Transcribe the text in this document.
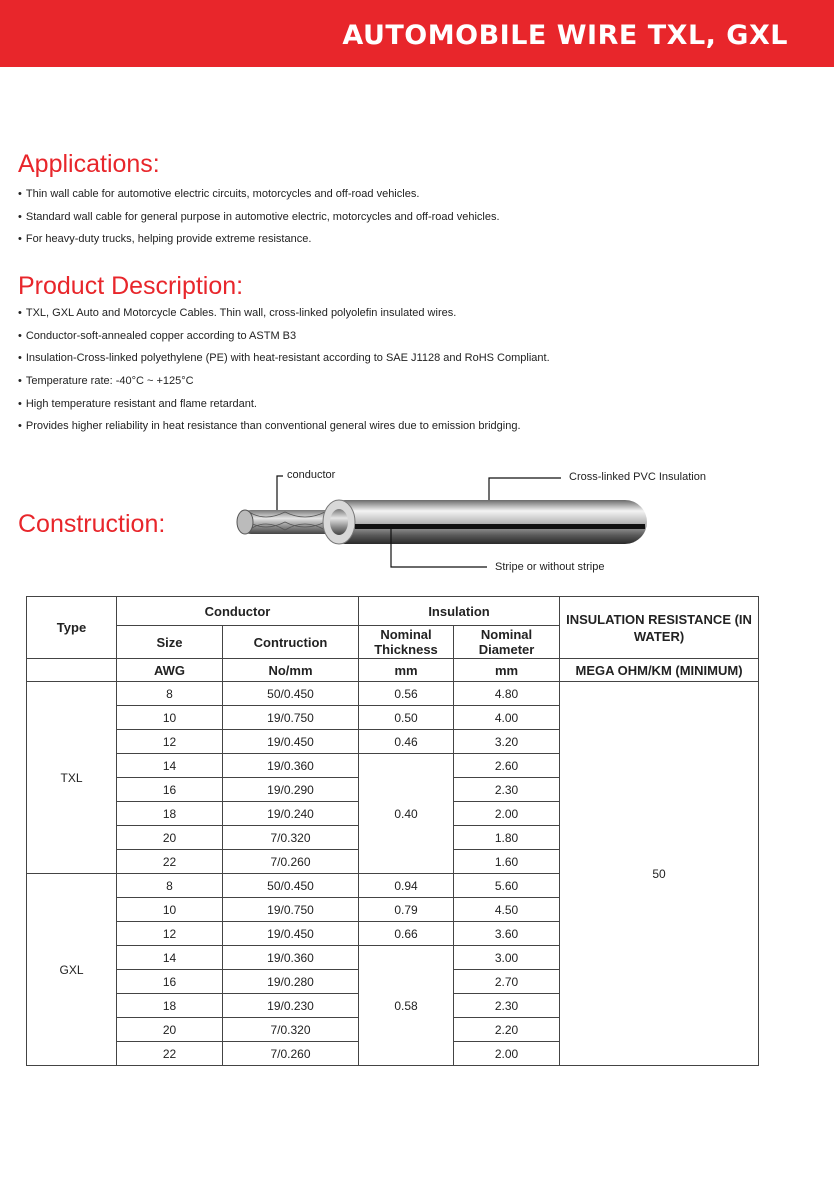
AUTOMOBILE WIRE TXL, GXL
Applications:
• Thin wall cable for automotive electric circuits, motorcycles and off-road vehicles.
• Standard wall cable for general purpose in automotive electric, motorcycles and off-road vehicles.
• For heavy-duty trucks, helping provide extreme resistance.
Product Description:
• TXL, GXL Auto and Motorcycle Cables. Thin wall, cross-linked polyolefin insulated wires.
• Conductor-soft-annealed copper according to ASTM B3
• Insulation-Cross-linked polyethylene (PE) with heat-resistant according to SAE J1128 and RoHS Compliant.
• Temperature rate: -40°C ~ +125°C
• High temperature resistant and flame retardant.
• Provides higher reliability in heat resistance than conventional general wires due to emission bridging.
Construction:
conductor	Cross-linked PVC Insulation
Stripe or without stripe
Type	Conductor		Insulation		INSULATION RESISTANCE (IN WATER)
	Size	Contruction	Nominal Thickness	Nominal Diameter	
	AWG	No/mm	mm	mm	MEGA OHM/KM (MINIMUM)
TXL	8	50/0.450	0.56	4.80	50
	10	19/0.750	0.50	4.00	
	12	19/0.450	0.46	3.20	
	14	19/0.360	0.40	2.60	
	16	19/0.290		2.30	
	18	19/0.240		2.00	
	20	7/0.320		1.80	
	22	7/0.260		1.60	
GXL	8	50/0.450	0.94	5.60	
	10	19/0.750	0.79	4.50	
	12	19/0.450	0.66	3.60	
	14	19/0.360	0.58	3.00	
	16	19/0.280		2.70	
	18	19/0.230		2.30	
	20	7/0.320		2.20	
	22	7/0.260		2.00	
